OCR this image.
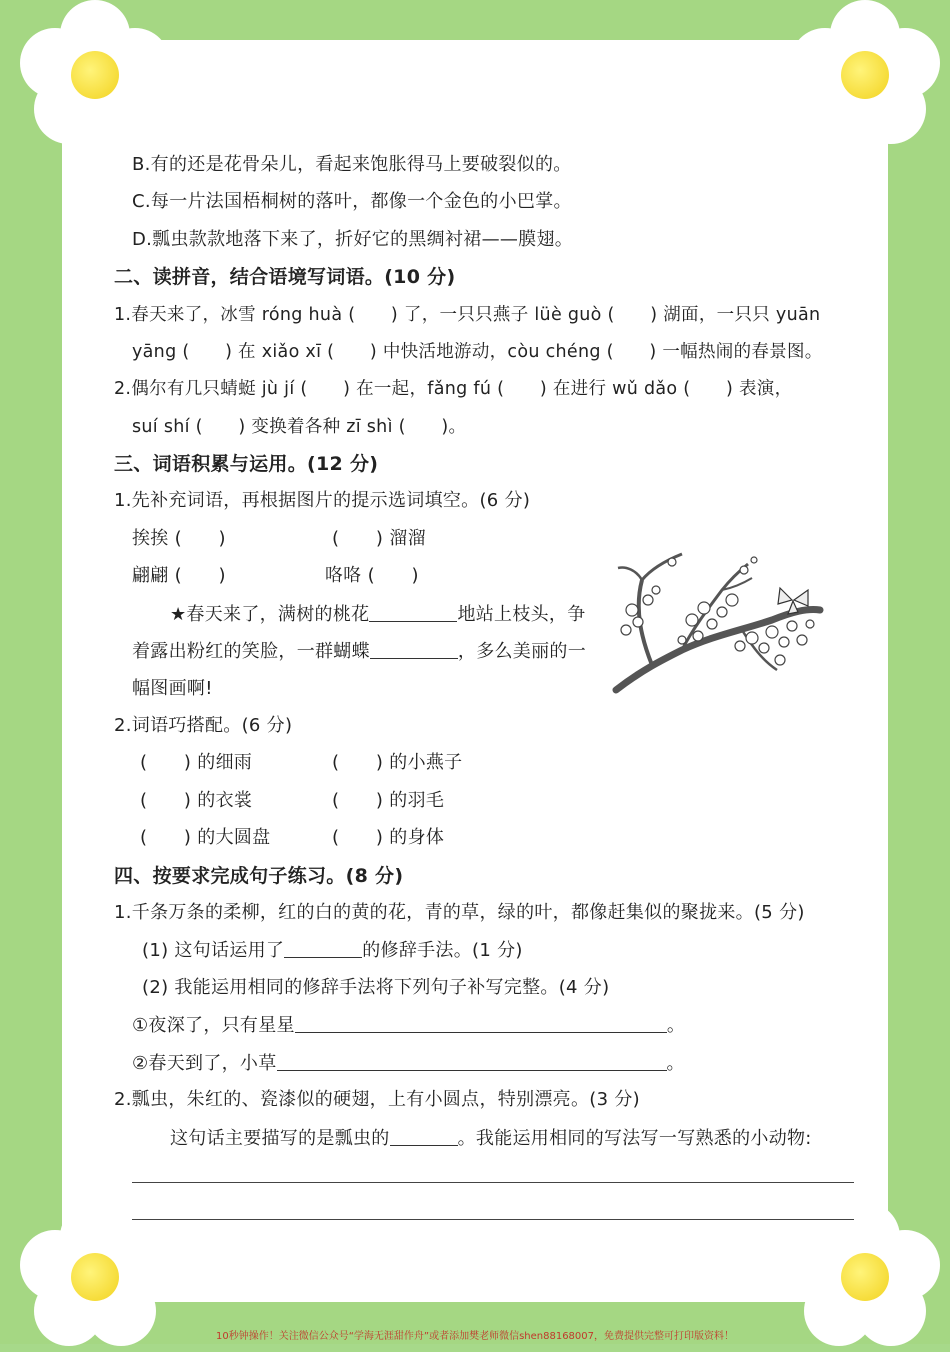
B.有的还是花骨朵儿，看起来饱胀得马上要破裂似的。
C.每一片法国梧桐树的落叶，都像一个金色的小巴掌。
D.瓢虫款款地落下来了，折好它的黑绸衬裙——膜翅。
二、读拼音，结合语境写词语。(10 分)
1.春天来了，冰雪 róng huà (　　) 了，一只只燕子 lüè guò (　　) 湖面，一只只 yuān
yāng (　　) 在 xiǎo xī (　　) 中快活地游动，còu chéng (　　) 一幅热闹的春景图。
2.偶尔有几只蜻蜓 jù jí (　　) 在一起，fǎng fú (　　) 在进行 wǔ dǎo (　　) 表演，
suí shí (　　) 变换着各种 zī shì (　　)。
三、词语积累与运用。(12 分)
1.先补充词语，再根据图片的提示选词填空。(6 分)
挨挨 (　　)	(　　) 溜溜
翩翩 (　　)	咯咯 (　　)
★春天来了，满树的桃花	地站上枝头，争
着露出粉红的笑脸，一群蝴蝶	，多么美丽的一
幅图画啊!
2.词语巧搭配。(6 分)
(　　) 的细雨	(　　) 的小燕子
(　　) 的衣裳	(　　) 的羽毛
(　　) 的大圆盘	(　　) 的身体
四、按要求完成句子练习。(8 分)
1.千条万条的柔柳，红的白的黄的花，青的草，绿的叶，都像赶集似的聚拢来。(5 分)
(1) 这句话运用了	的修辞手法。(1 分)
(2) 我能运用相同的修辞手法将下列句子补写完整。(4 分)
①夜深了，只有星星	。
②春天到了，小草	。
2.瓢虫，朱红的、瓷漆似的硬翅，上有小圆点，特别漂亮。(3 分)
这句话主要描写的是瓢虫的	。我能运用相同的写法写一写熟悉的小动物:
10秒钟操作！关注微信公众号“学海无涯甜作舟”或者添加樊老师微信shen88168007，免费提供完整可打印版资料！
